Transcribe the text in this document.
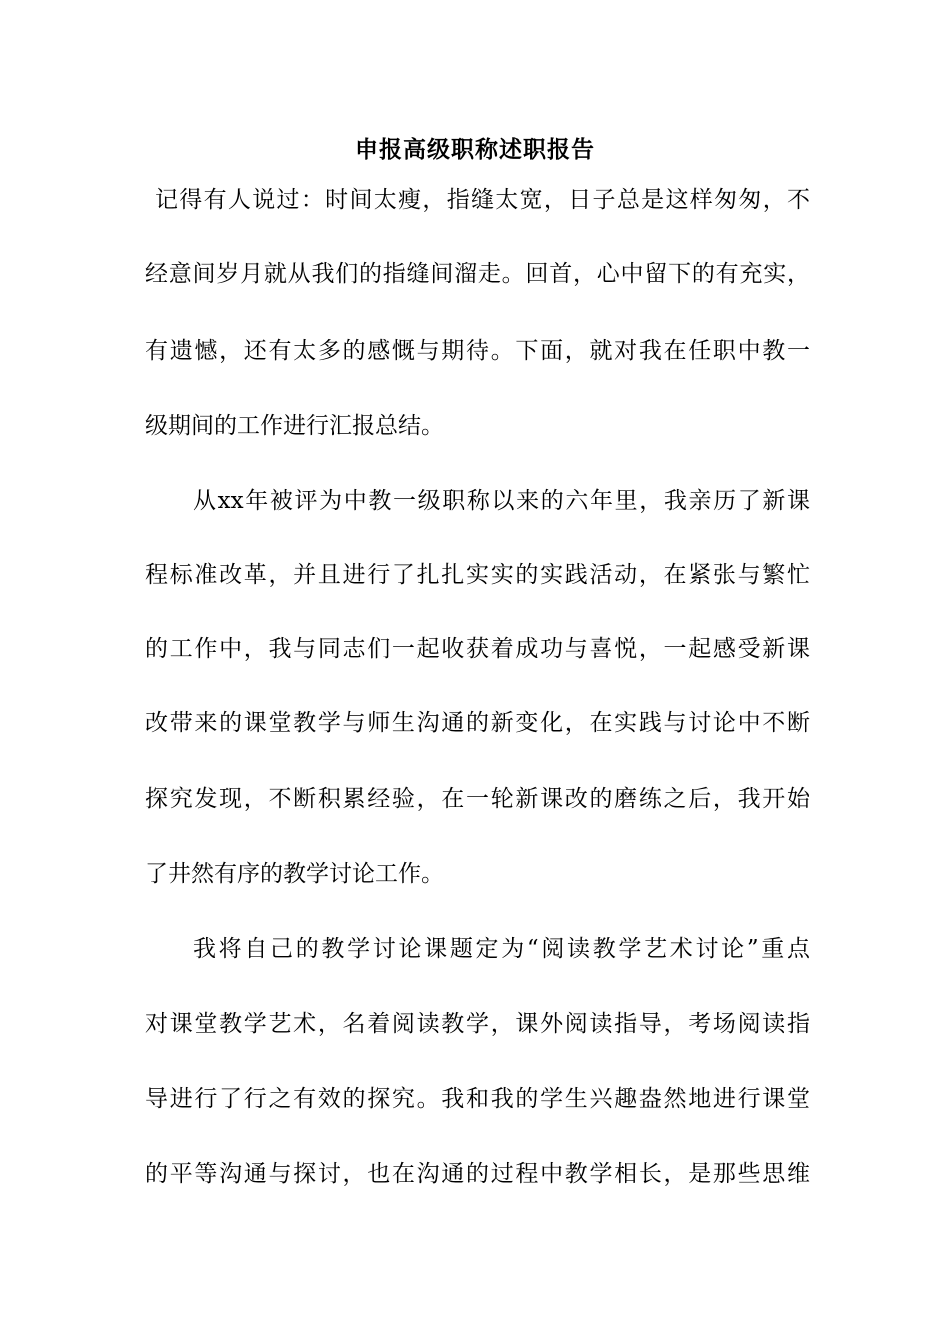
申报高级职称述职报告
记得有人说过：时间太瘦，指缝太宽，日子总是这样匆匆，不
经意间岁月就从我们的指缝间溜走。回首，心中留下的有充实，
有遗憾，还有太多的感慨与期待。下面，就对我在任职中教一
级期间的工作进行汇报总结。
从xx年被评为中教一级职称以来的六年里，我亲历了新课
程标准改革，并且进行了扎扎实实的实践活动，在紧张与繁忙
的工作中，我与同志们一起收获着成功与喜悦，一起感受新课
改带来的课堂教学与师生沟通的新变化，在实践与讨论中不断
探究发现，不断积累经验，在一轮新课改的磨练之后，我开始
了井然有序的教学讨论工作。
我将自己的教学讨论课题定为“阅读教学艺术讨论”重点
对课堂教学艺术，名着阅读教学，课外阅读指导，考场阅读指
导进行了行之有效的探究。我和我的学生兴趣盎然地进行课堂
的平等沟通与探讨，也在沟通的过程中教学相长，是那些思维
